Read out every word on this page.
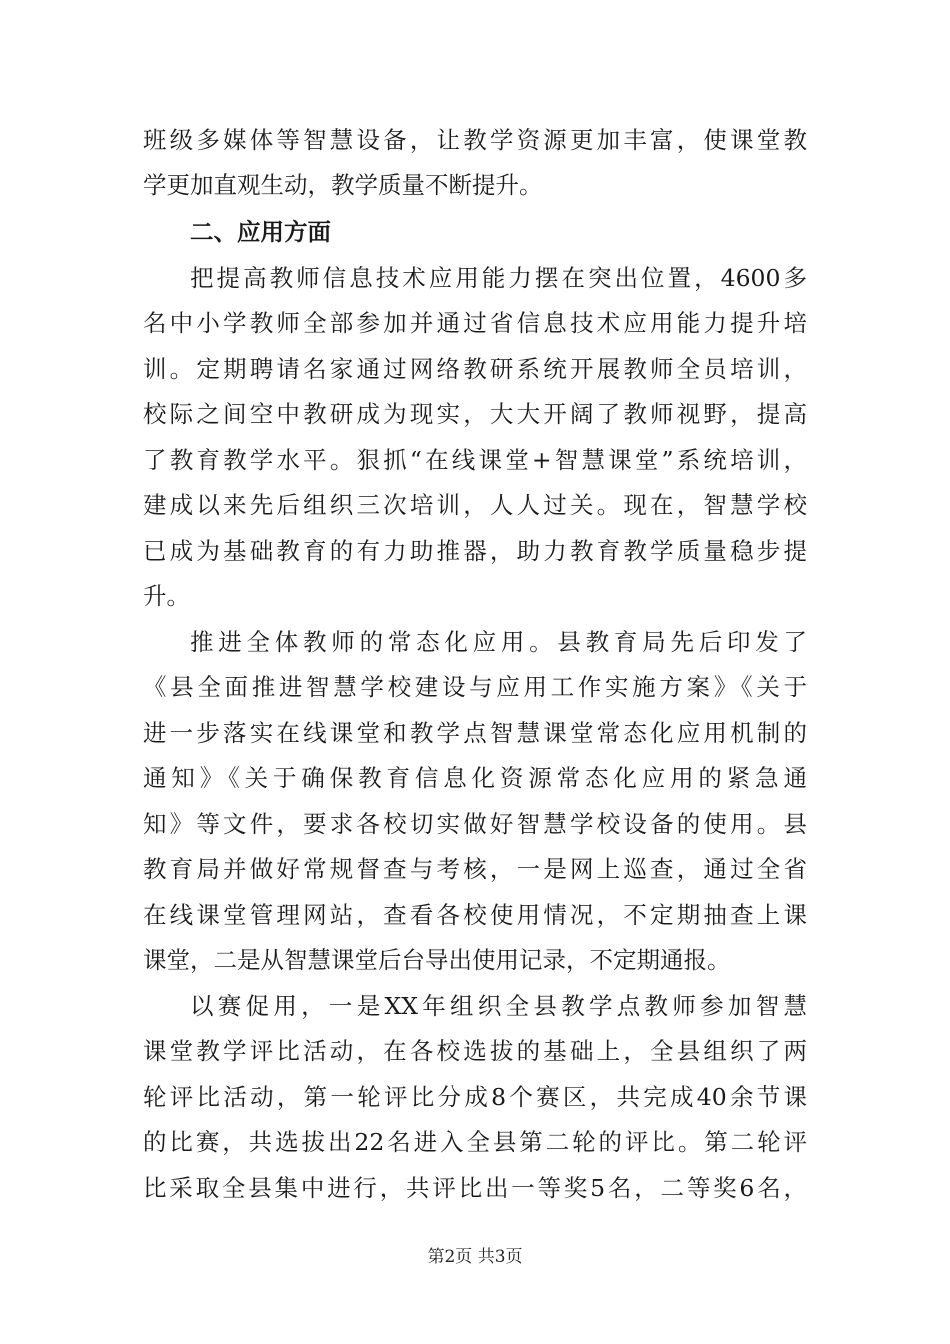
班级多媒体等智慧设备，让教学资源更加丰富，使课堂教
学更加直观生动，教学质量不断提升。
二、应用方面
把提高教师信息技术应用能力摆在突出位置，4600多
名中小学教师全部参加并通过省信息技术应用能力提升培
训。定期聘请名家通过网络教研系统开展教师全员培训，
校际之间空中教研成为现实，大大开阔了教师视野，提高
了教育教学水平。狠抓“在线课堂+智慧课堂”系统培训，
建成以来先后组织三次培训，人人过关。现在，智慧学校
已成为基础教育的有力助推器，助力教育教学质量稳步提
升。
推进全体教师的常态化应用。县教育局先后印发了
《县全面推进智慧学校建设与应用工作实施方案》《关于
进一步落实在线课堂和教学点智慧课堂常态化应用机制的
通知》《关于确保教育信息化资源常态化应用的紧急通
知》等文件，要求各校切实做好智慧学校设备的使用。县
教育局并做好常规督查与考核，一是网上巡查，通过全省
在线课堂管理网站，查看各校使用情况，不定期抽查上课
课堂，二是从智慧课堂后台导出使用记录，不定期通报。
以赛促用，一是XX年组织全县教学点教师参加智慧
课堂教学评比活动，在各校选拔的基础上，全县组织了两
轮评比活动，第一轮评比分成8个赛区，共完成40余节课
的比赛，共选拔出22名进入全县第二轮的评比。第二轮评
比采取全县集中进行，共评比出一等奖5名，二等奖6名，
第2页 共3页
